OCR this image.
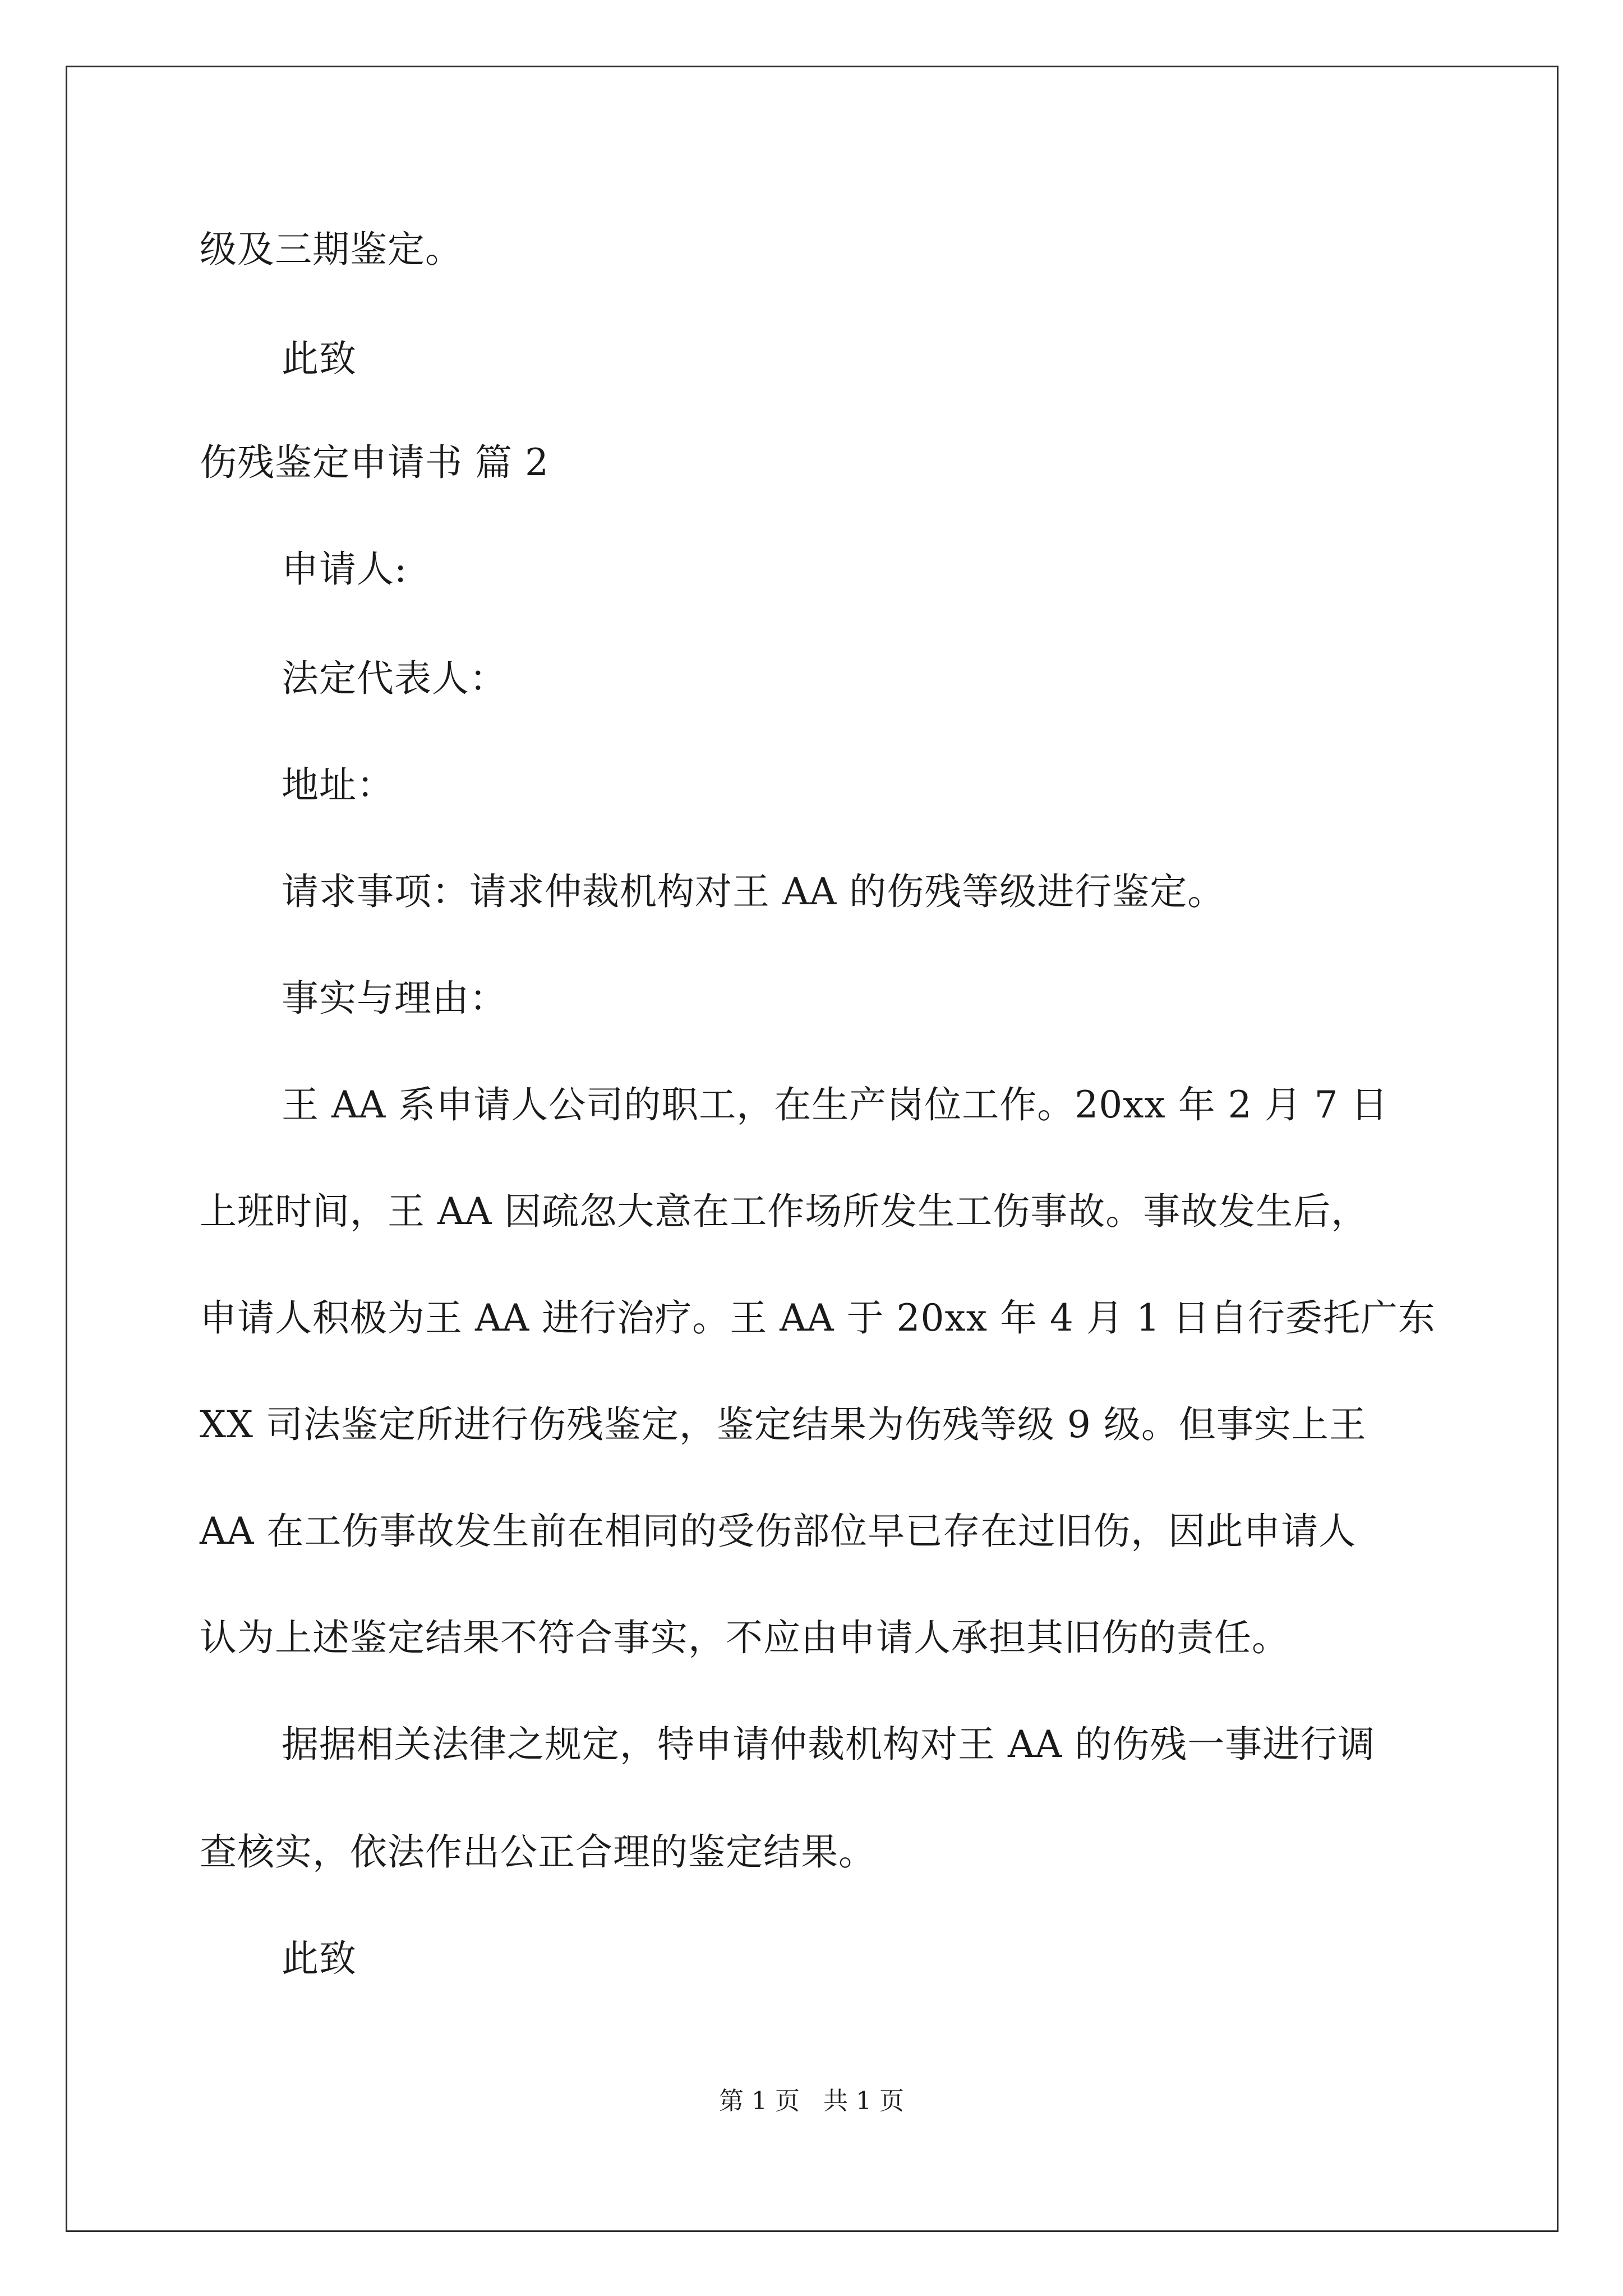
级及三期鉴定。
此致
伤残鉴定申请书 篇 2
申请人:
法定代表人：
地址：
请求事项：请求仲裁机构对王 AA 的伤残等级进行鉴定。
事实与理由：
王 AA 系申请人公司的职工，在生产岗位工作。20xx 年 2 月 7 日
上班时间，王 AA 因疏忽大意在工作场所发生工伤事故。事故发生后，
申请人积极为王 AA 进行治疗。王 AA 于 20xx 年 4 月 1 日自行委托广东
XX 司法鉴定所进行伤残鉴定，鉴定结果为伤残等级 9 级。但事实上王
AA 在工伤事故发生前在相同的受伤部位早已存在过旧伤，因此申请人
认为上述鉴定结果不符合事实，不应由申请人承担其旧伤的责任。
据据相关法律之规定，特申请仲裁机构对王 AA 的伤残一事进行调
查核实，依法作出公正合理的鉴定结果。
此致
第 1 页   共 1 页
